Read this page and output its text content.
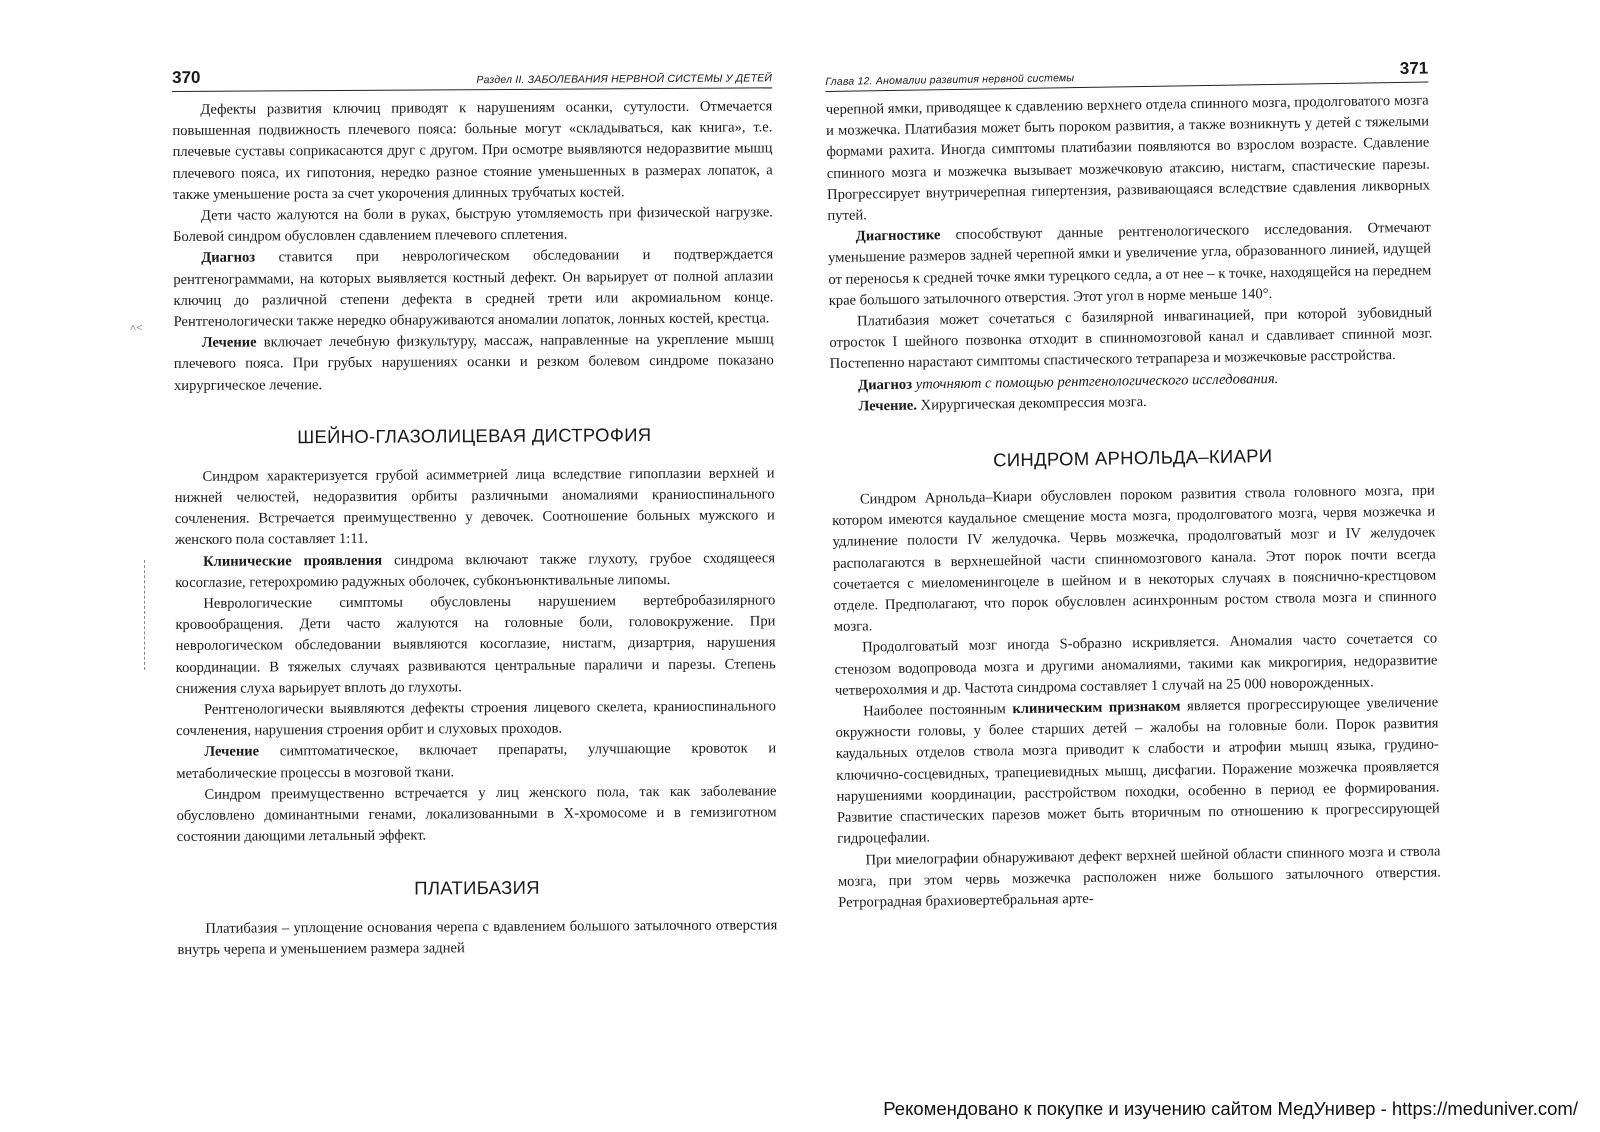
˄˂
370	Раздел II. ЗАБОЛЕВАНИЯ НЕРВНОЙ СИСТЕМЫ У ДЕТЕЙ

Дефекты развития ключиц приводят к нарушениям осанки, сутулости. Отмечается повышенная подвижность плечевого пояса: больные могут «складываться, как книга», т.е. плечевые суставы соприкасаются друг с другом. При осмотре выявляются недоразвитие мышц плечевого пояса, их гипотония, нередко разное стояние уменьшенных в размерах лопаток, а также уменьшение роста за счет укорочения длинных трубчатых костей.

Дети часто жалуются на боли в руках, быструю утомляемость при физической нагрузке. Болевой синдром обусловлен сдавлением плечевого сплетения.

Диагноз ставится при неврологическом обследовании и подтверждается рентгенограммами, на которых выявляется костный дефект. Он варьирует от полной аплазии ключиц до различной степени дефекта в средней трети или акромиальном конце. Рентгенологически также нередко обнаруживаются аномалии лопаток, лонных костей, крестца.

Лечение включает лечебную физкультуру, массаж, направленные на укрепление мышц плечевого пояса. При грубых нарушениях осанки и резком болевом синдроме показано хирургическое лечение.

ШЕЙНО-ГЛАЗОЛИЦЕВАЯ ДИСТРОФИЯ

Синдром характеризуется грубой асимметрией лица вследствие гипоплазии верхней и нижней челюстей, недоразвития орбиты различными аномалиями краниоспинального сочленения. Встречается преимущественно у девочек. Соотношение больных мужского и женского пола составляет 1:11.

Клинические проявления синдрома включают также глухоту, грубое сходящееся косоглазие, гетерохромию радужных оболочек, субконъюнктивальные липомы.

Неврологические симптомы обусловлены нарушением вертебробазилярного кровообращения. Дети часто жалуются на головные боли, головокружение. При неврологическом обследовании выявляются косоглазие, нистагм, дизартрия, нарушения координации. В тяжелых случаях развиваются центральные параличи и парезы. Степень снижения слуха варьирует вплоть до глухоты.

Рентгенологически выявляются дефекты строения лицевого скелета, краниоспинального сочленения, нарушения строения орбит и слуховых проходов.

Лечение симптоматическое, включает препараты, улучшающие кровоток и метаболические процессы в мозговой ткани.

Синдром преимущественно встречается у лиц женского пола, так как заболевание обусловлено доминантными генами, локализованными в Х-хромосоме и в гемизиготном состоянии дающими летальный эффект.

ПЛАТИБАЗИЯ

Платибазия – уплощение основания черепа с вдавлением большого затылочного отверстия внутрь черепа и уменьшением размера задней

Глава 12. Аномалии развития нервной системы
371

черепной ямки, приводящее к сдавлению верхнего отдела спинного мозга, продолговатого мозга и мозжечка. Платибазия может быть пороком развития, а также возникнуть у детей с тяжелыми формами рахита. Иногда симптомы платибазии появляются во взрослом возрасте. Сдавление спинного мозга и мозжечка вызывает мозжечковую атаксию, нистагм, спастические парезы. Прогрессирует внутричерепная гипертензия, развивающаяся вследствие сдавления ликворных путей.

Диагностике способствуют данные рентгенологического исследования. Отмечают уменьшение размеров задней черепной ямки и увеличение угла, образованного линией, идущей от переносья к средней точке ямки турецкого седла, а от нее – к точке, находящейся на переднем крае большого затылочного отверстия. Этот угол в норме меньше 140°.

Платибазия может сочетаться с базилярной инвагинацией, при которой зубовидный отросток I шейного позвонка отходит в спинномозговой канал и сдавливает спинной мозг. Постепенно нарастают симптомы спастического тетрапареза и мозжечковые расстройства.

Диагноз уточняют с помощью рентгенологического исследования.

Лечение. Хирургическая декомпрессия мозга.

СИНДРОМ АРНОЛЬДА–КИАРИ

Синдром Арнольда–Киари обусловлен пороком развития ствола головного мозга, при котором имеются каудальное смещение моста мозга, продолговатого мозга, червя мозжечка и удлинение полости IV желудочка. Червь мозжечка, продолговатый мозг и IV желудочек располагаются в верхнешейной части спинномозгового канала. Этот порок почти всегда сочетается с миеломенингоцеле в шейном и в некоторых случаях в пояснично-крестцовом отделе. Предполагают, что порок обусловлен асинхронным ростом ствола мозга и спинного мозга.

Продолговатый мозг иногда S-образно искривляется. Аномалия часто сочетается со стенозом водопровода мозга и другими аномалиями, такими как микрогирия, недоразвитие четверохолмия и др. Частота синдрома составляет 1 случай на 25 000 новорожденных.

Наиболее постоянным клиническим признаком является прогрессирующее увеличение окружности головы, у более старших детей – жалобы на головные боли. Порок развития каудальных отделов ствола мозга приводит к слабости и атрофии мышц языка, грудино-ключично-сосцевидных, трапециевидных мышц, дисфагии. Поражение мозжечка проявляется нарушениями координации, расстройством походки, особенно в период ее формирования. Развитие спастических парезов может быть вторичным по отношению к прогрессирующей гидроцефалии.

При миелографии обнаруживают дефект верхней шейной области спинного мозга и ствола мозга, при этом червь мозжечка расположен ниже большого затылочного отверстия. Ретроградная брахиовертебральная арте-

Рекомендовано к покупке и изучению сайтом МедУнивер - https://meduniver.com/
